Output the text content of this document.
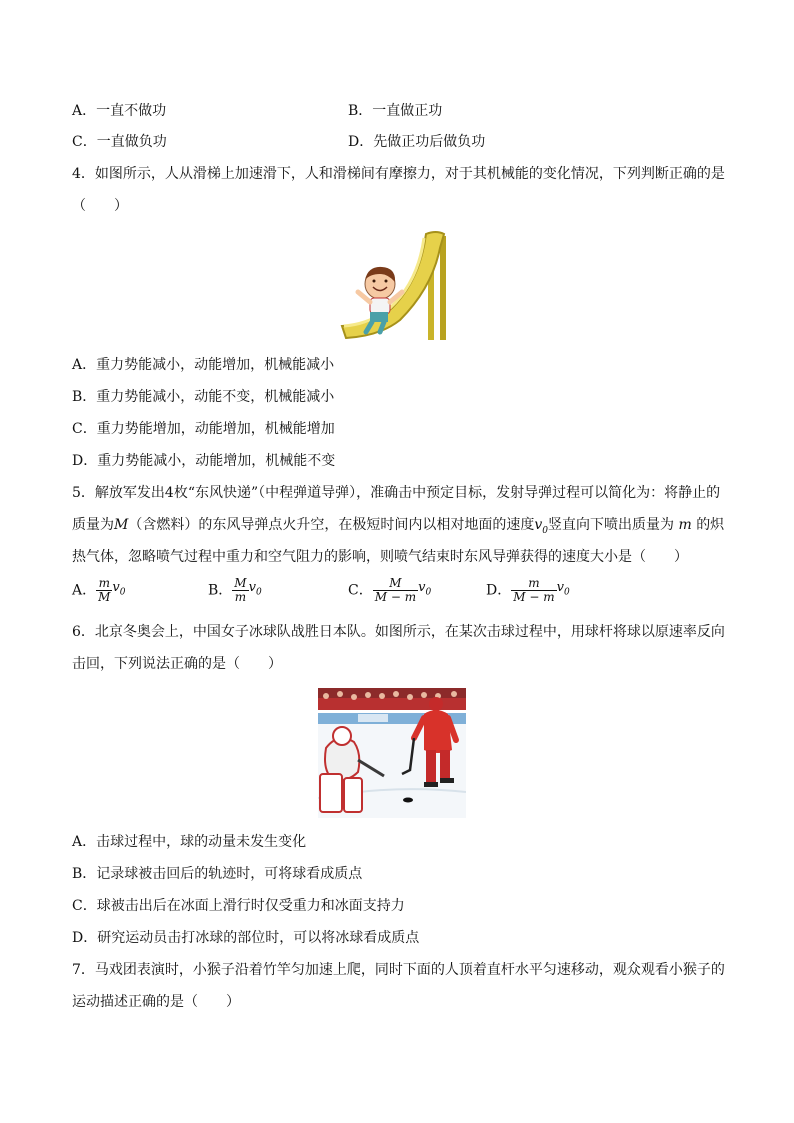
A．一直不做功	B．一直做正功
C．一直做负功	D．先做正功后做负功
4．如图所示，人从滑梯上加速滑下，人和滑梯间有摩擦力，对于其机械能的变化情况，下列判断正确的是
（　　）
A．重力势能减小，动能增加，机械能减小
B．重力势能减小，动能不变，机械能减小
C．重力势能增加，动能增加，机械能增加
D．重力势能减小，动能增加，机械能不变
5．解放军发出4枚“东风快递”（中程弹道导弹），准确击中预定目标，发射导弹过程可以简化为：将静止的
质量为M（含燃料）的东风导弹点火升空，在极短时间内以相对地面的速度$v_0$竖直向下喷出质量为 m 的炽
热气体，忽略喷气过程中重力和空气阻力的影响，则喷气结束时东风导弹获得的速度大小是（　　）
A． $\frac{m}{M} v_0$	B． $\frac{M}{m} v_0$	C． $\frac{M}{M - m} v_0$	D． $\frac{m}{M - m} v_0$
6．北京冬奥会上，中国女子冰球队战胜日本队。如图所示，在某次击球过程中，用球杆将球以原速率反向
击回，下列说法正确的是（　　）
A．击球过程中，球的动量未发生变化
B．记录球被击回后的轨迹时，可将球看成质点
C．球被击出后在冰面上滑行时仅受重力和冰面支持力
D．研究运动员击打冰球的部位时，可以将冰球看成质点
7．马戏团表演时，小猴子沿着竹竿匀加速上爬，同时下面的人顶着直杆水平匀速移动，观众观看小猴子的
运动描述正确的是（　　）
